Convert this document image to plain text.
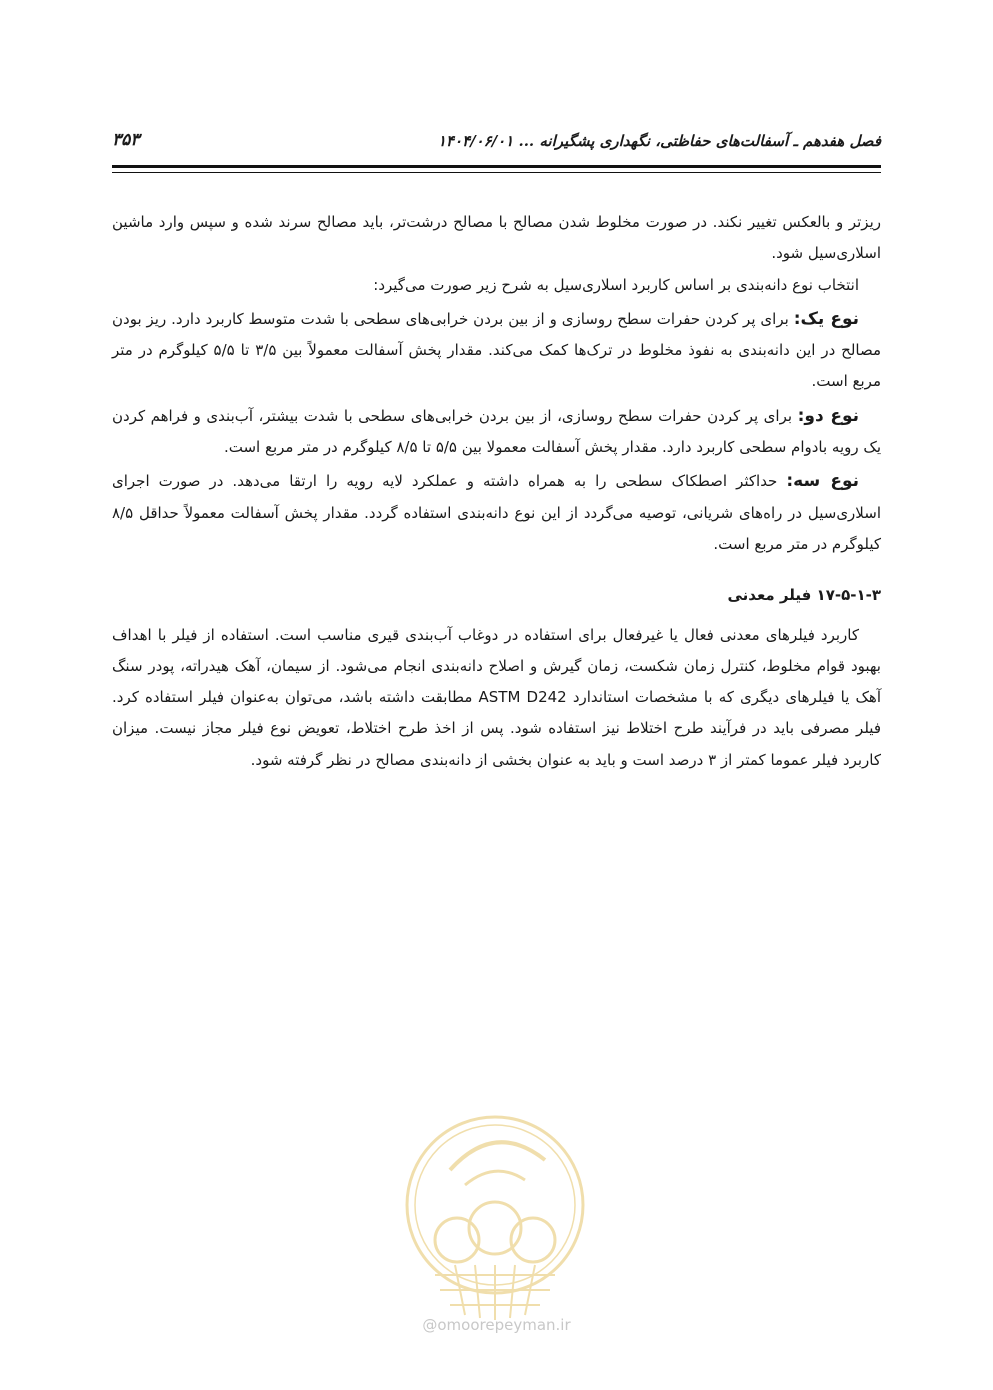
فصل هفدهم ـ آسفالت‌های حفاظتی، نگهداری پشگیرانه ... ۱۴۰۴/۰۶/۰۱
۳۵۳

ریزتر و بالعکس تغییر نکند. در صورت مخلوط شدن مصالح با مصالح درشت‌تر، باید مصالح سرند شده و سپس وارد ماشین اسلاری‌سیل شود.

انتخاب نوع دانه‌بندی بر اساس کاربرد اسلاری‌سیل به شرح زیر صورت می‌گیرد:

نوع یک: برای پر کردن حفرات سطح روسازی و از بین بردن خرابی‌های سطحی با شدت متوسط کاربرد دارد. ریز بودن مصالح در این دانه‌بندی به نفوذ مخلوط در ترک‌ها کمک می‌کند. مقدار پخش آسفالت معمولاً بین ۳/۵ تا ۵/۵ کیلوگرم در متر مربع است.

نوع دو: برای پر کردن حفرات سطح روسازی، از بین بردن خرابی‌های سطحی با شدت بیشتر، آب‌بندی و فراهم کردن یک رویه بادوام سطحی کاربرد دارد. مقدار پخش آسفالت معمولا بین ۵/۵ تا ۸/۵ کیلوگرم در متر مربع است.

نوع سه: حداکثر اصطکاک سطحی را به همراه داشته و عملکرد لایه رویه را ارتقا می‌دهد. در صورت اجرای اسلاری‌سیل در راه‌های شریانی، توصیه می‌گردد از این نوع دانه‌بندی استفاده گردد. مقدار پخش آسفالت معمولاً حداقل ۸/۵ کیلوگرم در متر مربع است.

۱۷-۵-۱-۳ فیلر معدنی

کاربرد فیلرهای معدنی فعال یا غیرفعال برای استفاده در دوغاب آب‌بندی قیری مناسب است. استفاده از فیلر با اهداف بهبود قوام مخلوط، کنترل زمان شکست، زمان گیرش و اصلاح دانه‌بندی انجام می‌شود. از سیمان، آهک هیدراته، پودر سنگ آهک یا فیلرهای دیگری که با مشخصات استاندارد ASTM D242 مطابقت داشته باشد، می‌توان به‌عنوان فیلر استفاده کرد. فیلر مصرفی باید در فرآیند طرح اختلاط نیز استفاده شود. پس از اخذ طرح اختلاط، تعویض نوع فیلر مجاز نیست. میزان کاربرد فیلر عموما کمتر از ۳ درصد است و باید به عنوان بخشی از دانه‌بندی مصالح در نظر گرفته شود.

@omoorepeyman.ir
